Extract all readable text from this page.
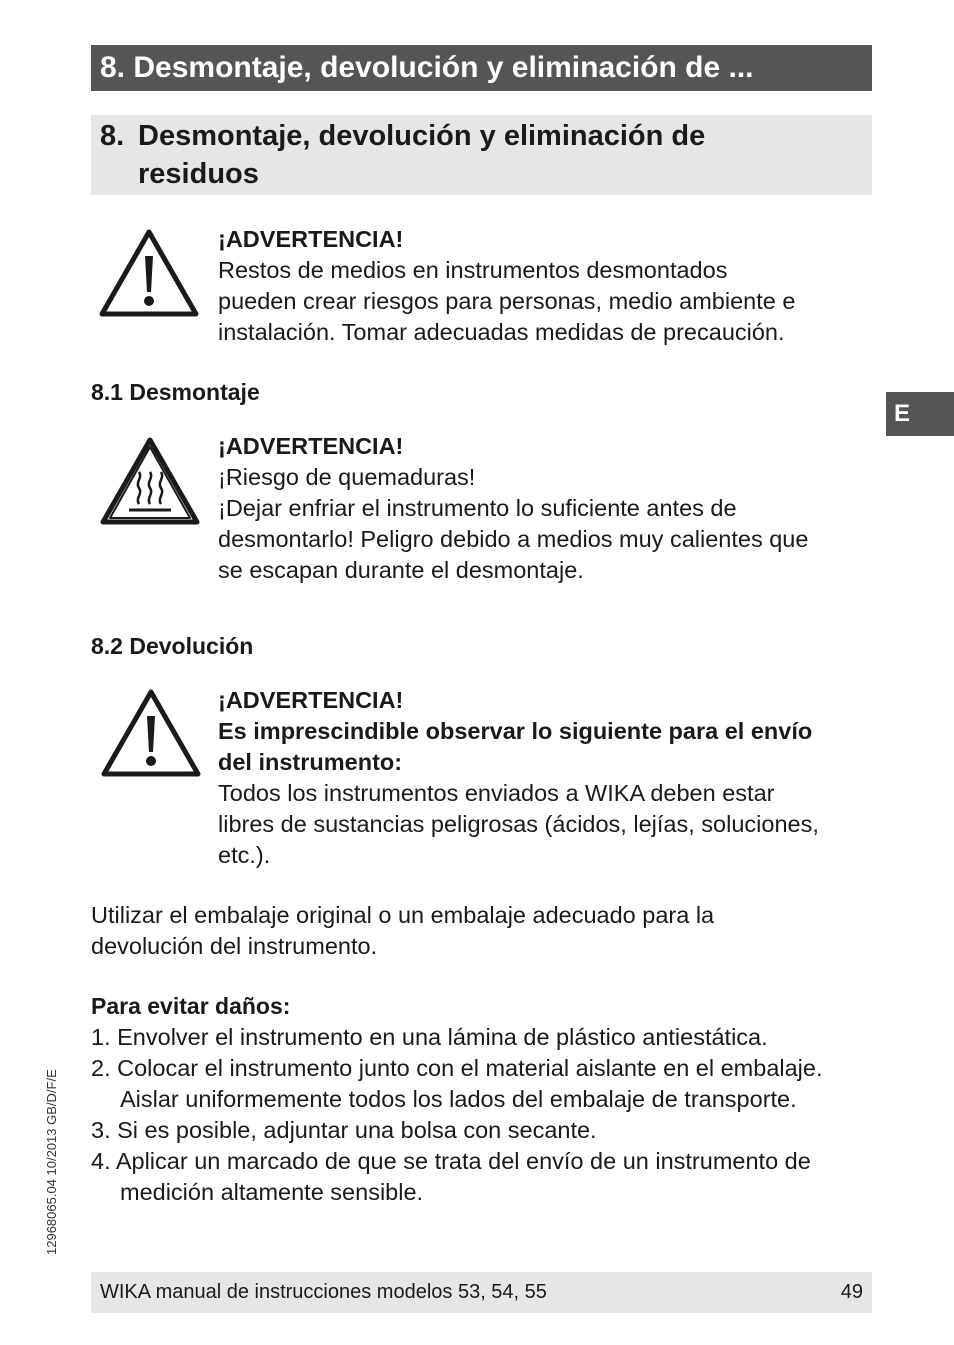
8. Desmontaje, devolución y eliminación de ...
8. Desmontaje, devolución y eliminación de
residuos
E
¡ADVERTENCIA!
Restos de medios en instrumentos desmontados
pueden crear riesgos para personas, medio ambiente e
instalación. Tomar adecuadas medidas de precaución.
8.1 Desmontaje
¡ADVERTENCIA!
¡Riesgo de quemaduras!
¡Dejar enfriar el instrumento lo suficiente antes de
desmontarlo! Peligro debido a medios muy calientes que
se escapan durante el desmontaje.
8.2 Devolución
¡ADVERTENCIA!
Es imprescindible observar lo siguiente para el envío
del instrumento:
Todos los instrumentos enviados a WIKA deben estar
libres de sustancias peligrosas (ácidos, lejías, soluciones,
etc.).
Utilizar el embalaje original o un embalaje adecuado para la
devolución del instrumento.
Para evitar daños:
1. Envolver el instrumento en una lámina de plástico antiestática.
2. Colocar el instrumento junto con el material aislante en el embalaje.
Aislar uniformemente todos los lados del embalaje de transporte.
3. Si es posible, adjuntar una bolsa con secante.
4. Aplicar un marcado de que se trata del envío de un instrumento de
medición altamente sensible.
12968065.04 10/2013 GB/D/F/E
WIKA manual de instrucciones modelos 53, 54, 55	49
